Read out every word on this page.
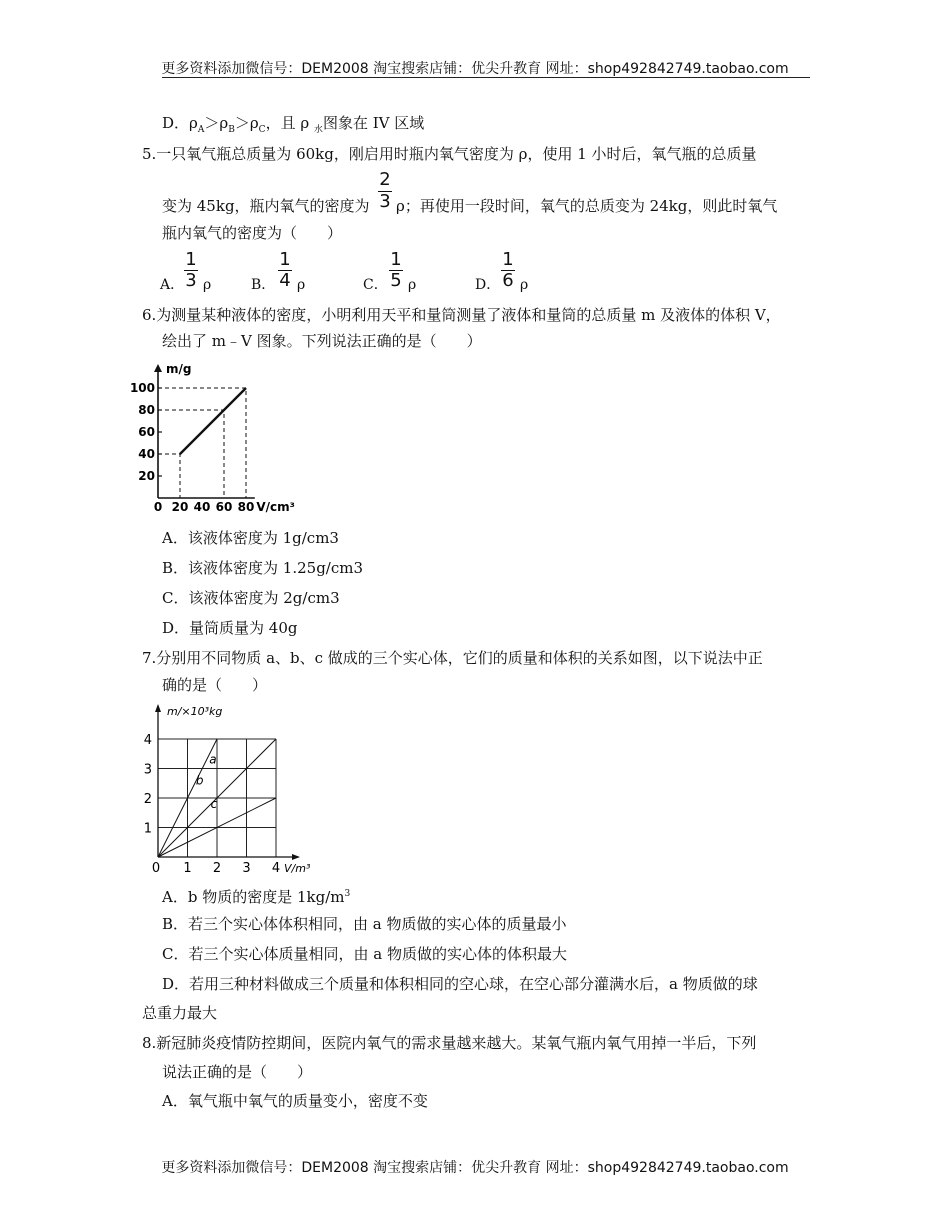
更多资料添加微信号：DEM2008 淘宝搜索店铺：优尖升教育 网址：shop492842749.taobao.com
D．$\rho_A>\rho_B>\rho_C$，且 ρ $_水$图象在 IV 区域
5.一只氧气瓶总质量为 60kg，刚启用时瓶内氧气密度为 ρ，使用 1 小时后，氧气瓶的总质量
变为 45kg，瓶内氧气的密度为
2
3 ρ；再使用一段时间，氧气的总质变为 24kg，则此时氧气
瓶内氧气的密度为（　　）
A．
1
3 ρ	B．
1
4 ρ	C．
1
5 ρ	D．
1
6 ρ
6.为测量某种液体的密度，小明利用天平和量筒测量了液体和量筒的总质量 m 及液体的体积 V，
绘出了 m﹣V 图象。下列说法正确的是（　　）
m/g
20
40
60
80
100
0 20 40 60 80 V/cm³
A．该液体密度为 1g/cm3
B．该液体密度为 1.25g/cm3
C．该液体密度为 2g/cm3
D．量筒质量为 40g
7.分别用不同物质 a、b、c 做成的三个实心体，它们的质量和体积的关系如图，以下说法中正
确的是（　　）
m/×10³kg
1
2
3
4
0 1 2 3 4 V/m³
a
b
c
A．b 物质的密度是 $1kg/m^3$
B．若三个实心体体积相同，由 a 物质做的实心体的质量最小
C．若三个实心体质量相同，由 a 物质做的实心体的体积最大
D．若用三种材料做成三个质量和体积相同的空心球，在空心部分灌满水后，a 物质做的球
总重力最大
8.新冠肺炎疫情防控期间，医院内氧气的需求量越来越大。某氧气瓶内氧气用掉一半后，下列
说法正确的是（　　）
A．氧气瓶中氧气的质量变小，密度不变
更多资料添加微信号：DEM2008 淘宝搜索店铺：优尖升教育 网址：shop492842749.taobao.com
